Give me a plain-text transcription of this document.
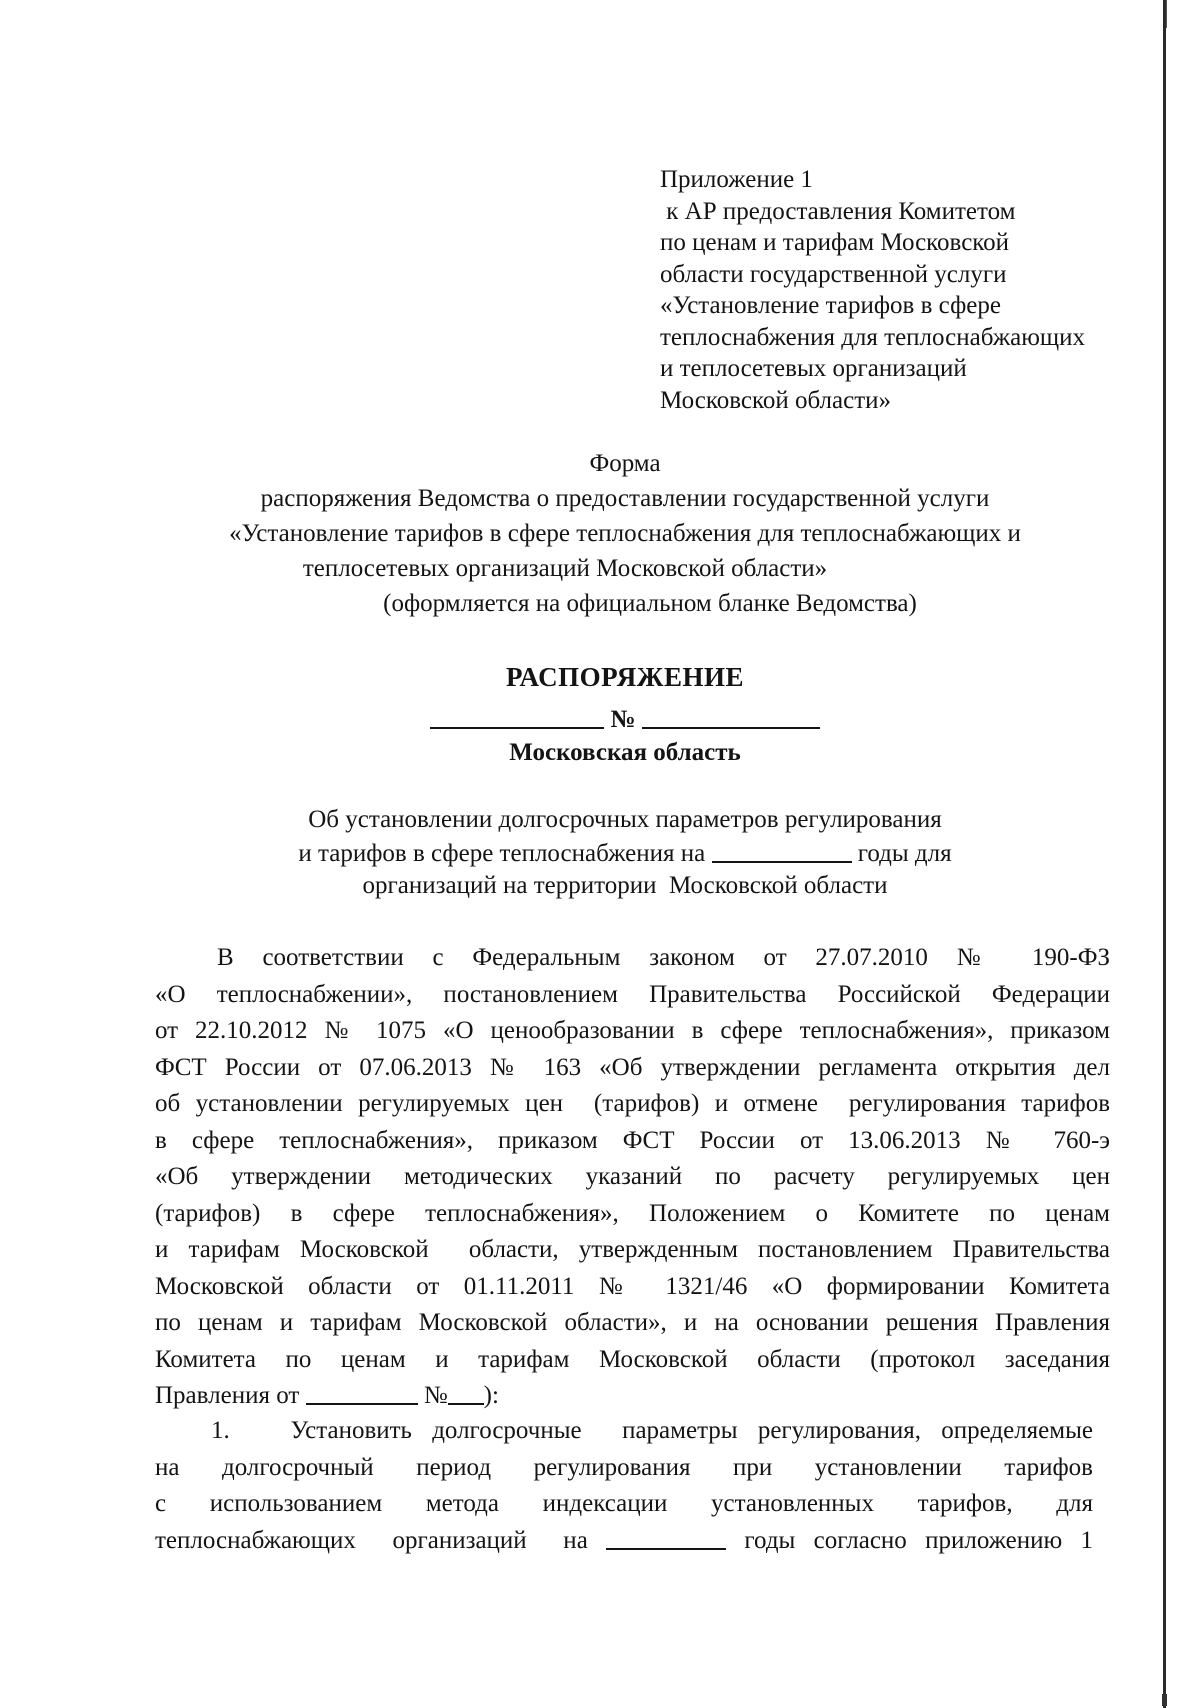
Приложение 1
к АР предоставления Комитетом
по ценам и тарифам Московской
области государственной услуги
«Установление тарифов в сфере
теплоснабжения для теплоснабжающих
и теплосетевых организаций
Московской области»
Форма
распоряжения Ведомства о предоставлении государственной услуги
«Установление тарифов в сфере теплоснабжения для теплоснабжающих и
теплосетевых организаций Московской области»
(оформляется на официальном бланке Ведомства)
РАСПОРЯЖЕНИЕ
№
Московская область
Об установлении долгосрочных параметров регулирования
и тарифов в сфере теплоснабжения на	годы для
организаций на территории  Московской области
В соответствии с Федеральным законом от 27.07.2010 № 190-ФЗ
«О теплоснабжении», постановлением Правительства Российской Федерации
от 22.10.2012 № 1075 «О ценообразовании в сфере теплоснабжения», приказом
ФСТ России от 07.06.2013 № 163 «Об утверждении регламента открытия дел
об установлении регулируемых цен  (тарифов) и отмене  регулирования тарифов
в сфере теплоснабжения», приказом ФСТ России от 13.06.2013 № 760-э
«Об утверждении методических указаний по расчету регулируемых цен
(тарифов) в сфере теплоснабжения», Положением о Комитете по ценам
и тарифам Московской  области, утвержденным постановлением Правительства
Московской области от 01.11.2011 № 1321/46 «О формировании Комитета
по ценам и тарифам Московской области», и на основании решения Правления
Комитета по ценам и тарифам Московской области (протокол заседания
Правления от	№ ):
1.   Установить долгосрочные  параметры регулирования, определяемые
на долгосрочный период регулирования при установлении тарифов
с использованием метода индексации установленных тарифов, для
теплоснабжающих  организаций  на	годы согласно приложению 1
